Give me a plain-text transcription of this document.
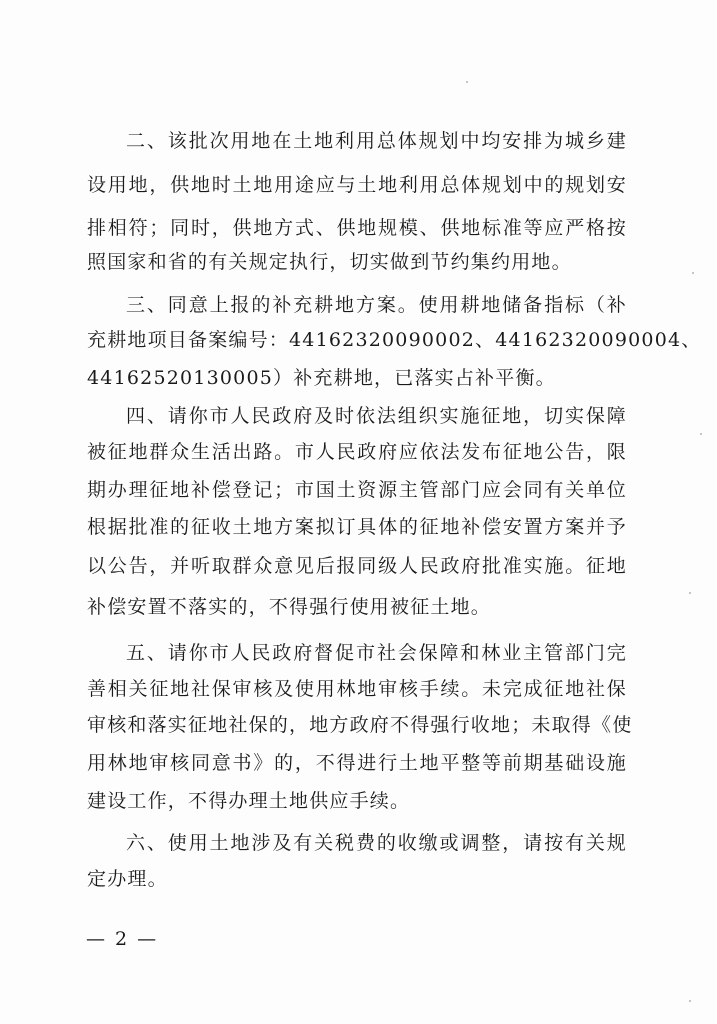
二、该批次用地在土地利用总体规划中均安排为城乡建
设用地，供地时土地用途应与土地利用总体规划中的规划安
排相符；同时，供地方式、供地规模、供地标准等应严格按
照国家和省的有关规定执行，切实做到节约集约用地。
三、同意上报的补充耕地方案。使用耕地储备指标（补
充耕地项目备案编号：44162320090002、44162320090004、
44162520130005）补充耕地，已落实占补平衡。
四、请你市人民政府及时依法组织实施征地，切实保障
被征地群众生活出路。市人民政府应依法发布征地公告，限
期办理征地补偿登记；市国土资源主管部门应会同有关单位
根据批准的征收土地方案拟订具体的征地补偿安置方案并予
以公告，并听取群众意见后报同级人民政府批准实施。征地
补偿安置不落实的，不得强行使用被征土地。
五、请你市人民政府督促市社会保障和林业主管部门完
善相关征地社保审核及使用林地审核手续。未完成征地社保
审核和落实征地社保的，地方政府不得强行收地；未取得《使
用林地审核同意书》的，不得进行土地平整等前期基础设施
建设工作，不得办理土地供应手续。
六、使用土地涉及有关税费的收缴或调整，请按有关规
定办理。
— 2 —
